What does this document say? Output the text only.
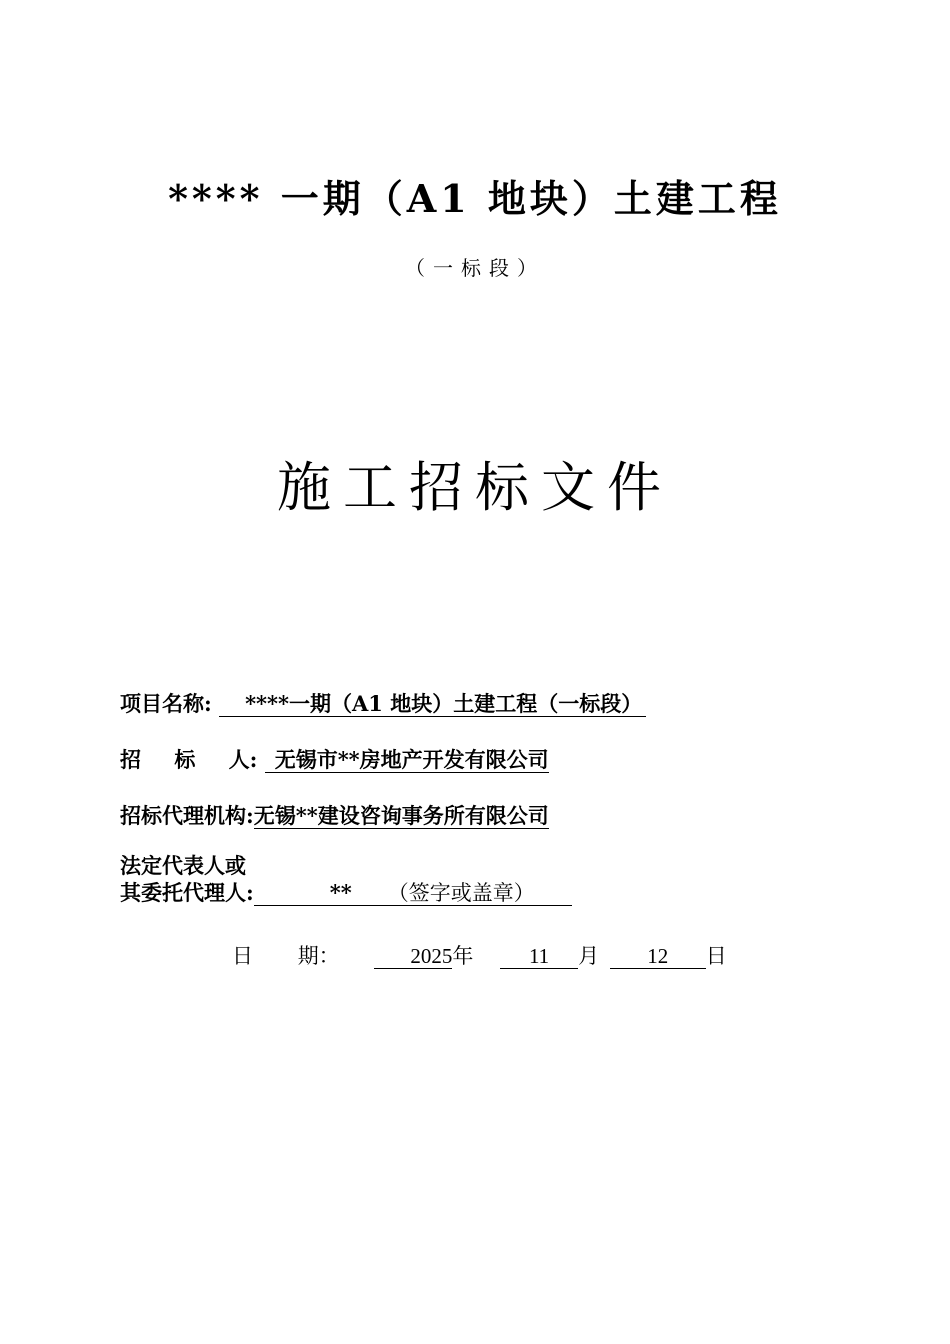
**** 一期（A1 地块）土建工程
（一标段）
施工招标文件
项目名称: ****一期（A1 地块）土建工程（一标段）
招 标 人: 无锡市**房地产开发有限公司
招标代理机构:无锡**建设咨询事务所有限公司
法定代表人或
其委托代理人:	** （签字或盖章）
日 期：	2025年	11 月 12 日
